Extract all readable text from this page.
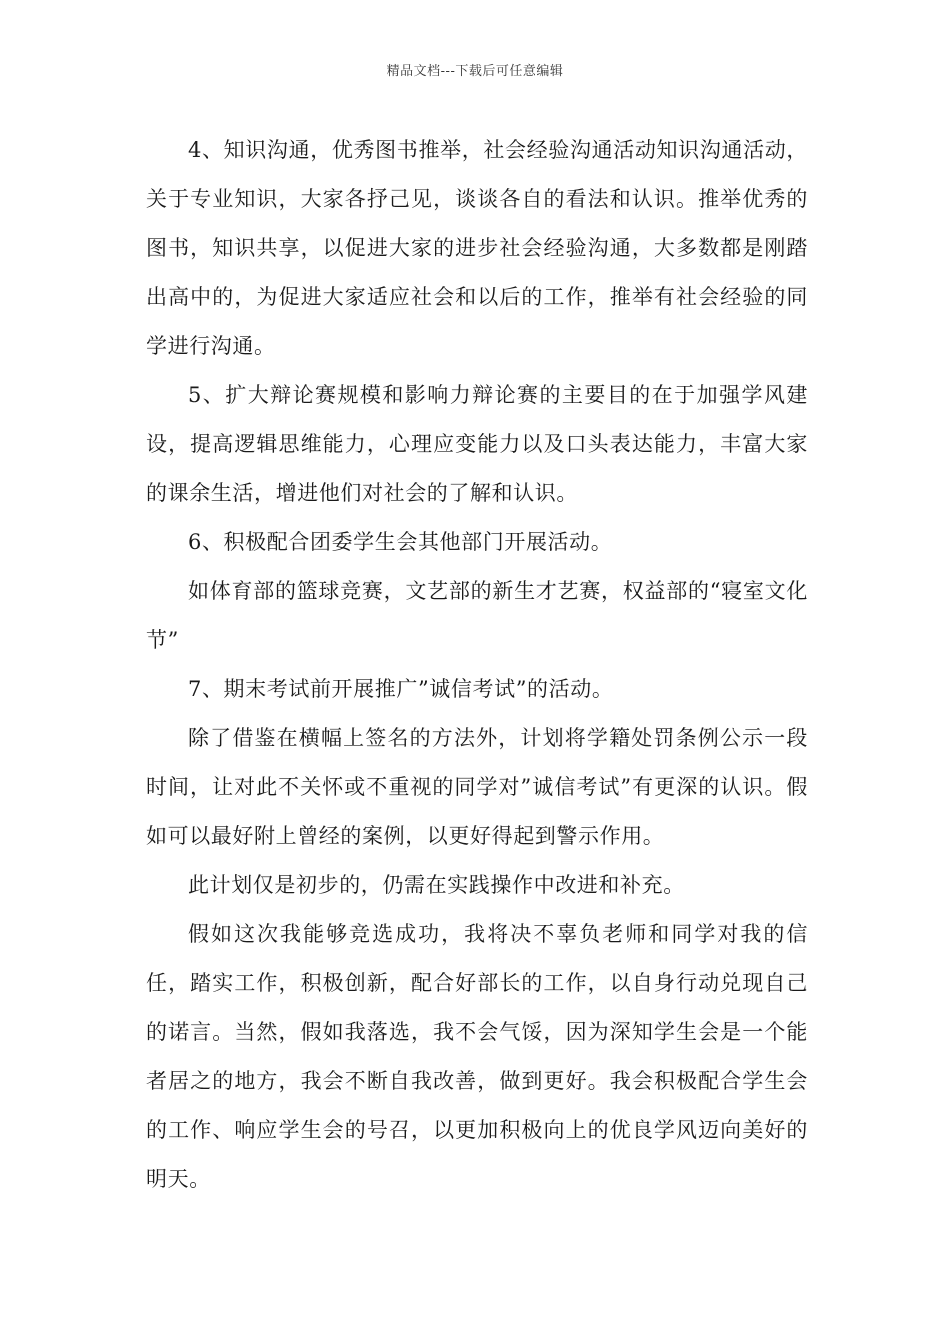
精品文档---下载后可任意编辑

4、知识沟通，优秀图书推举，社会经验沟通活动知识沟通活动，关于专业知识，大家各抒己见，谈谈各自的看法和认识。推举优秀的图书，知识共享，以促进大家的进步社会经验沟通，大多数都是刚踏出高中的，为促进大家适应社会和以后的工作，推举有社会经验的同学进行沟通。

5、扩大辩论赛规模和影响力辩论赛的主要目的在于加强学风建设，提高逻辑思维能力，心理应变能力以及口头表达能力，丰富大家的课余生活，增进他们对社会的了解和认识。

6、积极配合团委学生会其他部门开展活动。

如体育部的篮球竞赛，文艺部的新生才艺赛，权益部的“寝室文化节”

7、期末考试前开展推广”诚信考试”的活动。

除了借鉴在横幅上签名的方法外，计划将学籍处罚条例公示一段时间，让对此不关怀或不重视的同学对”诚信考试”有更深的认识。假如可以最好附上曾经的案例，以更好得起到警示作用。

此计划仅是初步的，仍需在实践操作中改进和补充。

假如这次我能够竞选成功，我将决不辜负老师和同学对我的信任，踏实工作，积极创新，配合好部长的工作，以自身行动兑现自己的诺言。当然，假如我落选，我不会气馁，因为深知学生会是一个能者居之的地方，我会不断自我改善，做到更好。我会积极配合学生会的工作、响应学生会的号召，以更加积极向上的优良学风迈向美好的明天。
